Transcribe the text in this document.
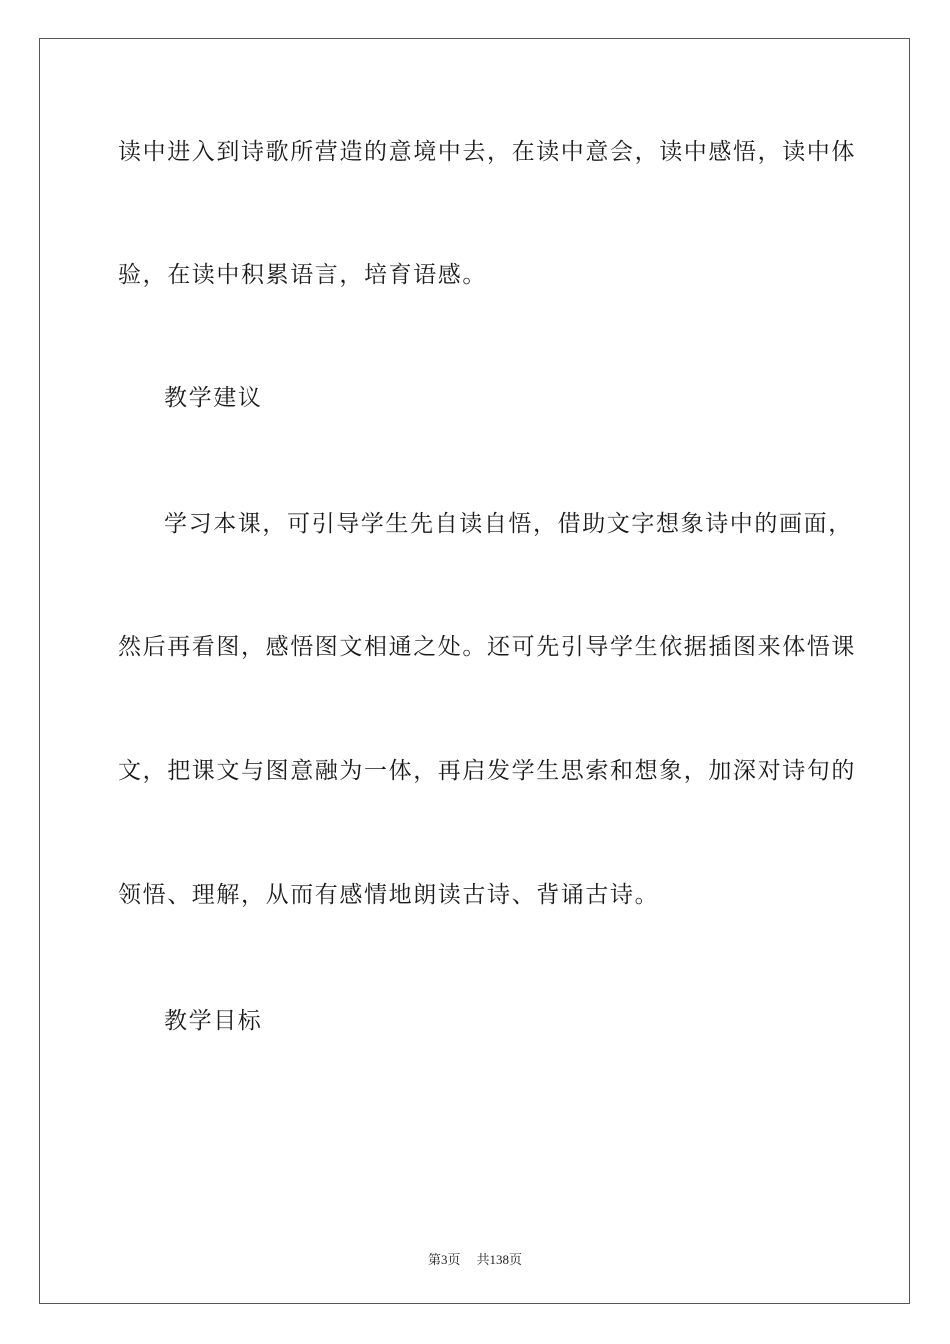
读中进入到诗歌所营造的意境中去，在读中意会，读中感悟，读中体
验，在读中积累语言，培育语感。
教学建议
学习本课，可引导学生先自读自悟，借助文字想象诗中的画面，
然后再看图，感悟图文相通之处。还可先引导学生依据插图来体悟课
文，把课文与图意融为一体，再启发学生思索和想象，加深对诗句的
领悟、理解，从而有感情地朗读古诗、背诵古诗。
教学目标
第3页 共138页
